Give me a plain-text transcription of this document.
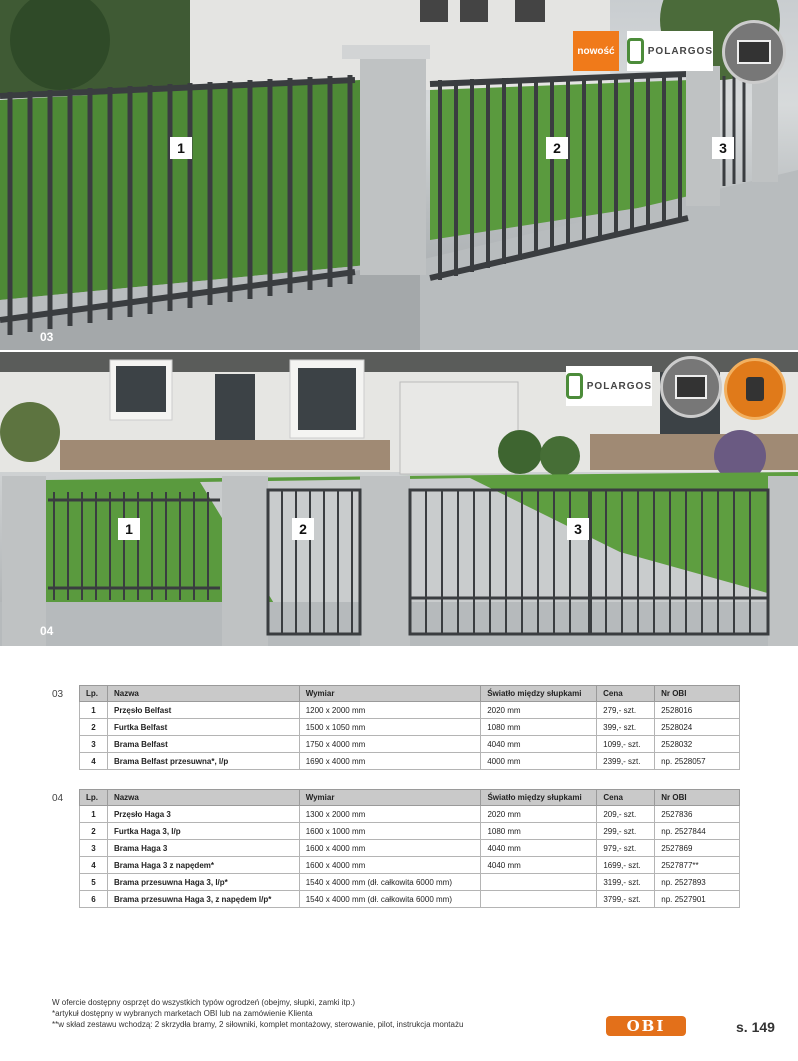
nowość	POLARGOS
1	2	3
03
POLARGOS
1	2	3
04
03	Lp.	Nazwa	Wymiar	Światło między słupkami	Cena	Nr OBI
1	Przęsło Belfast	1200 x 2000 mm	2020 mm	279,- szt.	2528016
2	Furtka Belfast	1500 x 1050 mm	1080 mm	399,- szt.	2528024
3	Brama Belfast	1750 x 4000 mm	4040 mm	1099,- szt.	2528032
4	Brama Belfast przesuwna*, l/p	1690 x 4000 mm	4000 mm	2399,- szt.	np. 2528057
04	Lp.	Nazwa	Wymiar	Światło między słupkami	Cena	Nr OBI
1	Przęsło Haga 3	1300 x 2000 mm	2020 mm	209,- szt.	2527836
2	Furtka Haga 3, l/p	1600 x 1000 mm	1080 mm	299,- szt.	np. 2527844
3	Brama Haga 3	1600 x 4000 mm	4040 mm	979,- szt.	2527869
4	Brama Haga 3 z napędem*	1600 x 4000 mm	4040 mm	1699,- szt.	2527877**
5	Brama przesuwna Haga 3, l/p*	1540 x 4000 mm (dł. całkowita 6000 mm)		3199,- szt.	np. 2527893
6	Brama przesuwna Haga 3, z napędem l/p*	1540 x 4000 mm (dł. całkowita 6000 mm)		3799,- szt.	np. 2527901
W ofercie dostępny osprzęt do wszystkich typów ogrodzeń (obejmy, słupki, zamki itp.)
*artykuł dostępny w wybranych marketach OBI lub na zamówienie Klienta
**w skład zestawu wchodzą: 2 skrzydła bramy, 2 siłowniki, komplet montażowy, sterowanie, pilot, instrukcja montażu	OBI	s. 149
